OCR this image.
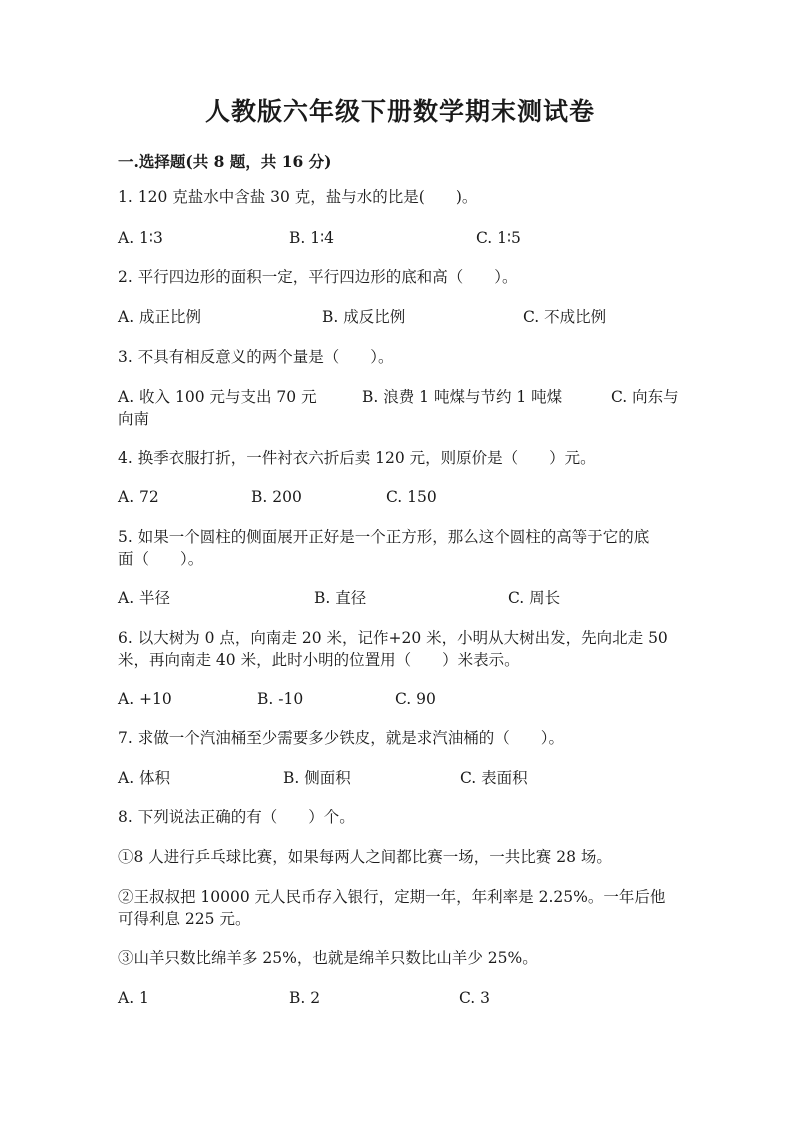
人教版六年级下册数学期末测试卷
一.选择题(共 8 题，共 16 分)
1. 120 克盐水中含盐 30 克，盐与水的比是(　　)。
A. 1∶3	B. 1∶4	C. 1∶5
2. 平行四边形的面积一定，平行四边形的底和高（　　）。
A. 成正比例	B. 成反比例	C. 不成比例
3. 不具有相反意义的两个量是（　　）。
A. 收入 100 元与支出 70 元	B. 浪费 1 吨煤与节约 1 吨煤	C. 向东与
向南
4. 换季衣服打折，一件衬衣六折后卖 120 元，则原价是（　　）元。
A. 72	B. 200	C. 150
5. 如果一个圆柱的侧面展开正好是一个正方形，那么这个圆柱的高等于它的底
面（　　）。
A. 半径	B. 直径	C. 周长
6. 以大树为 0 点，向南走 20 米，记作+20 米，小明从大树出发，先向北走 50
米，再向南走 40 米，此时小明的位置用（　　）米表示。
A. +10	B. -10	C. 90
7. 求做一个汽油桶至少需要多少铁皮，就是求汽油桶的（　　）。
A. 体积	B. 侧面积	C. 表面积
8. 下列说法正确的有（　　）个。
①8 人进行乒乓球比赛，如果每两人之间都比赛一场，一共比赛 28 场。
②王叔叔把 10000 元人民币存入银行，定期一年，年利率是 2.25%。一年后他
可得利息 225 元。
③山羊只数比绵羊多 25%，也就是绵羊只数比山羊少 25%。
A. 1	B. 2	C. 3
